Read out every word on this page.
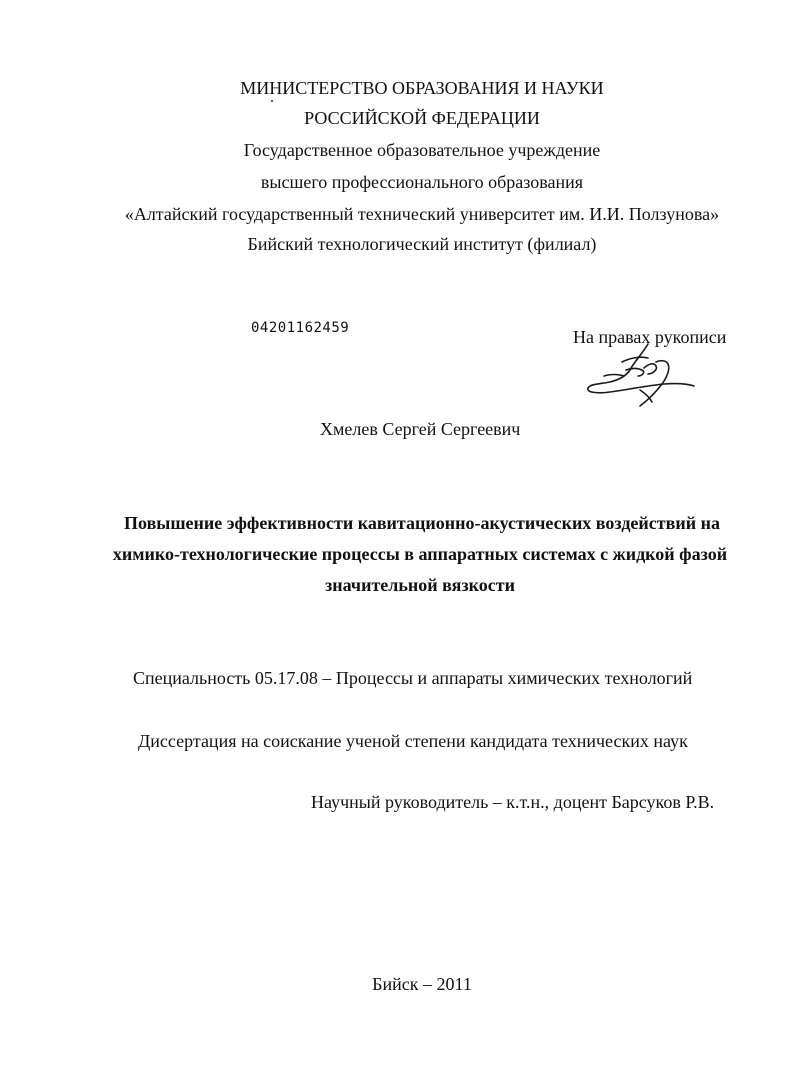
МИНИСТЕРСТВО ОБРАЗОВАНИЯ И НАУКИ
РОССИЙСКОЙ ФЕДЕРАЦИИ
Государственное образовательное учреждение
высшего профессионального образования
«Алтайский государственный технический университет им. И.И. Ползунова»
Бийский технологический институт (филиал)
04201162459	На правах рукописи
Хмелев Сергей Сергеевич
Повышение эффективности кавитационно-акустических воздействий на
химико-технологические процессы в аппаратных системах с жидкой фазой
значительной вязкости
Специальность 05.17.08 – Процессы и аппараты химических технологий
Диссертация на соискание ученой степени кандидата технических наук
Научный руководитель – к.т.н., доцент Барсуков Р.В.
Бийск – 2011
